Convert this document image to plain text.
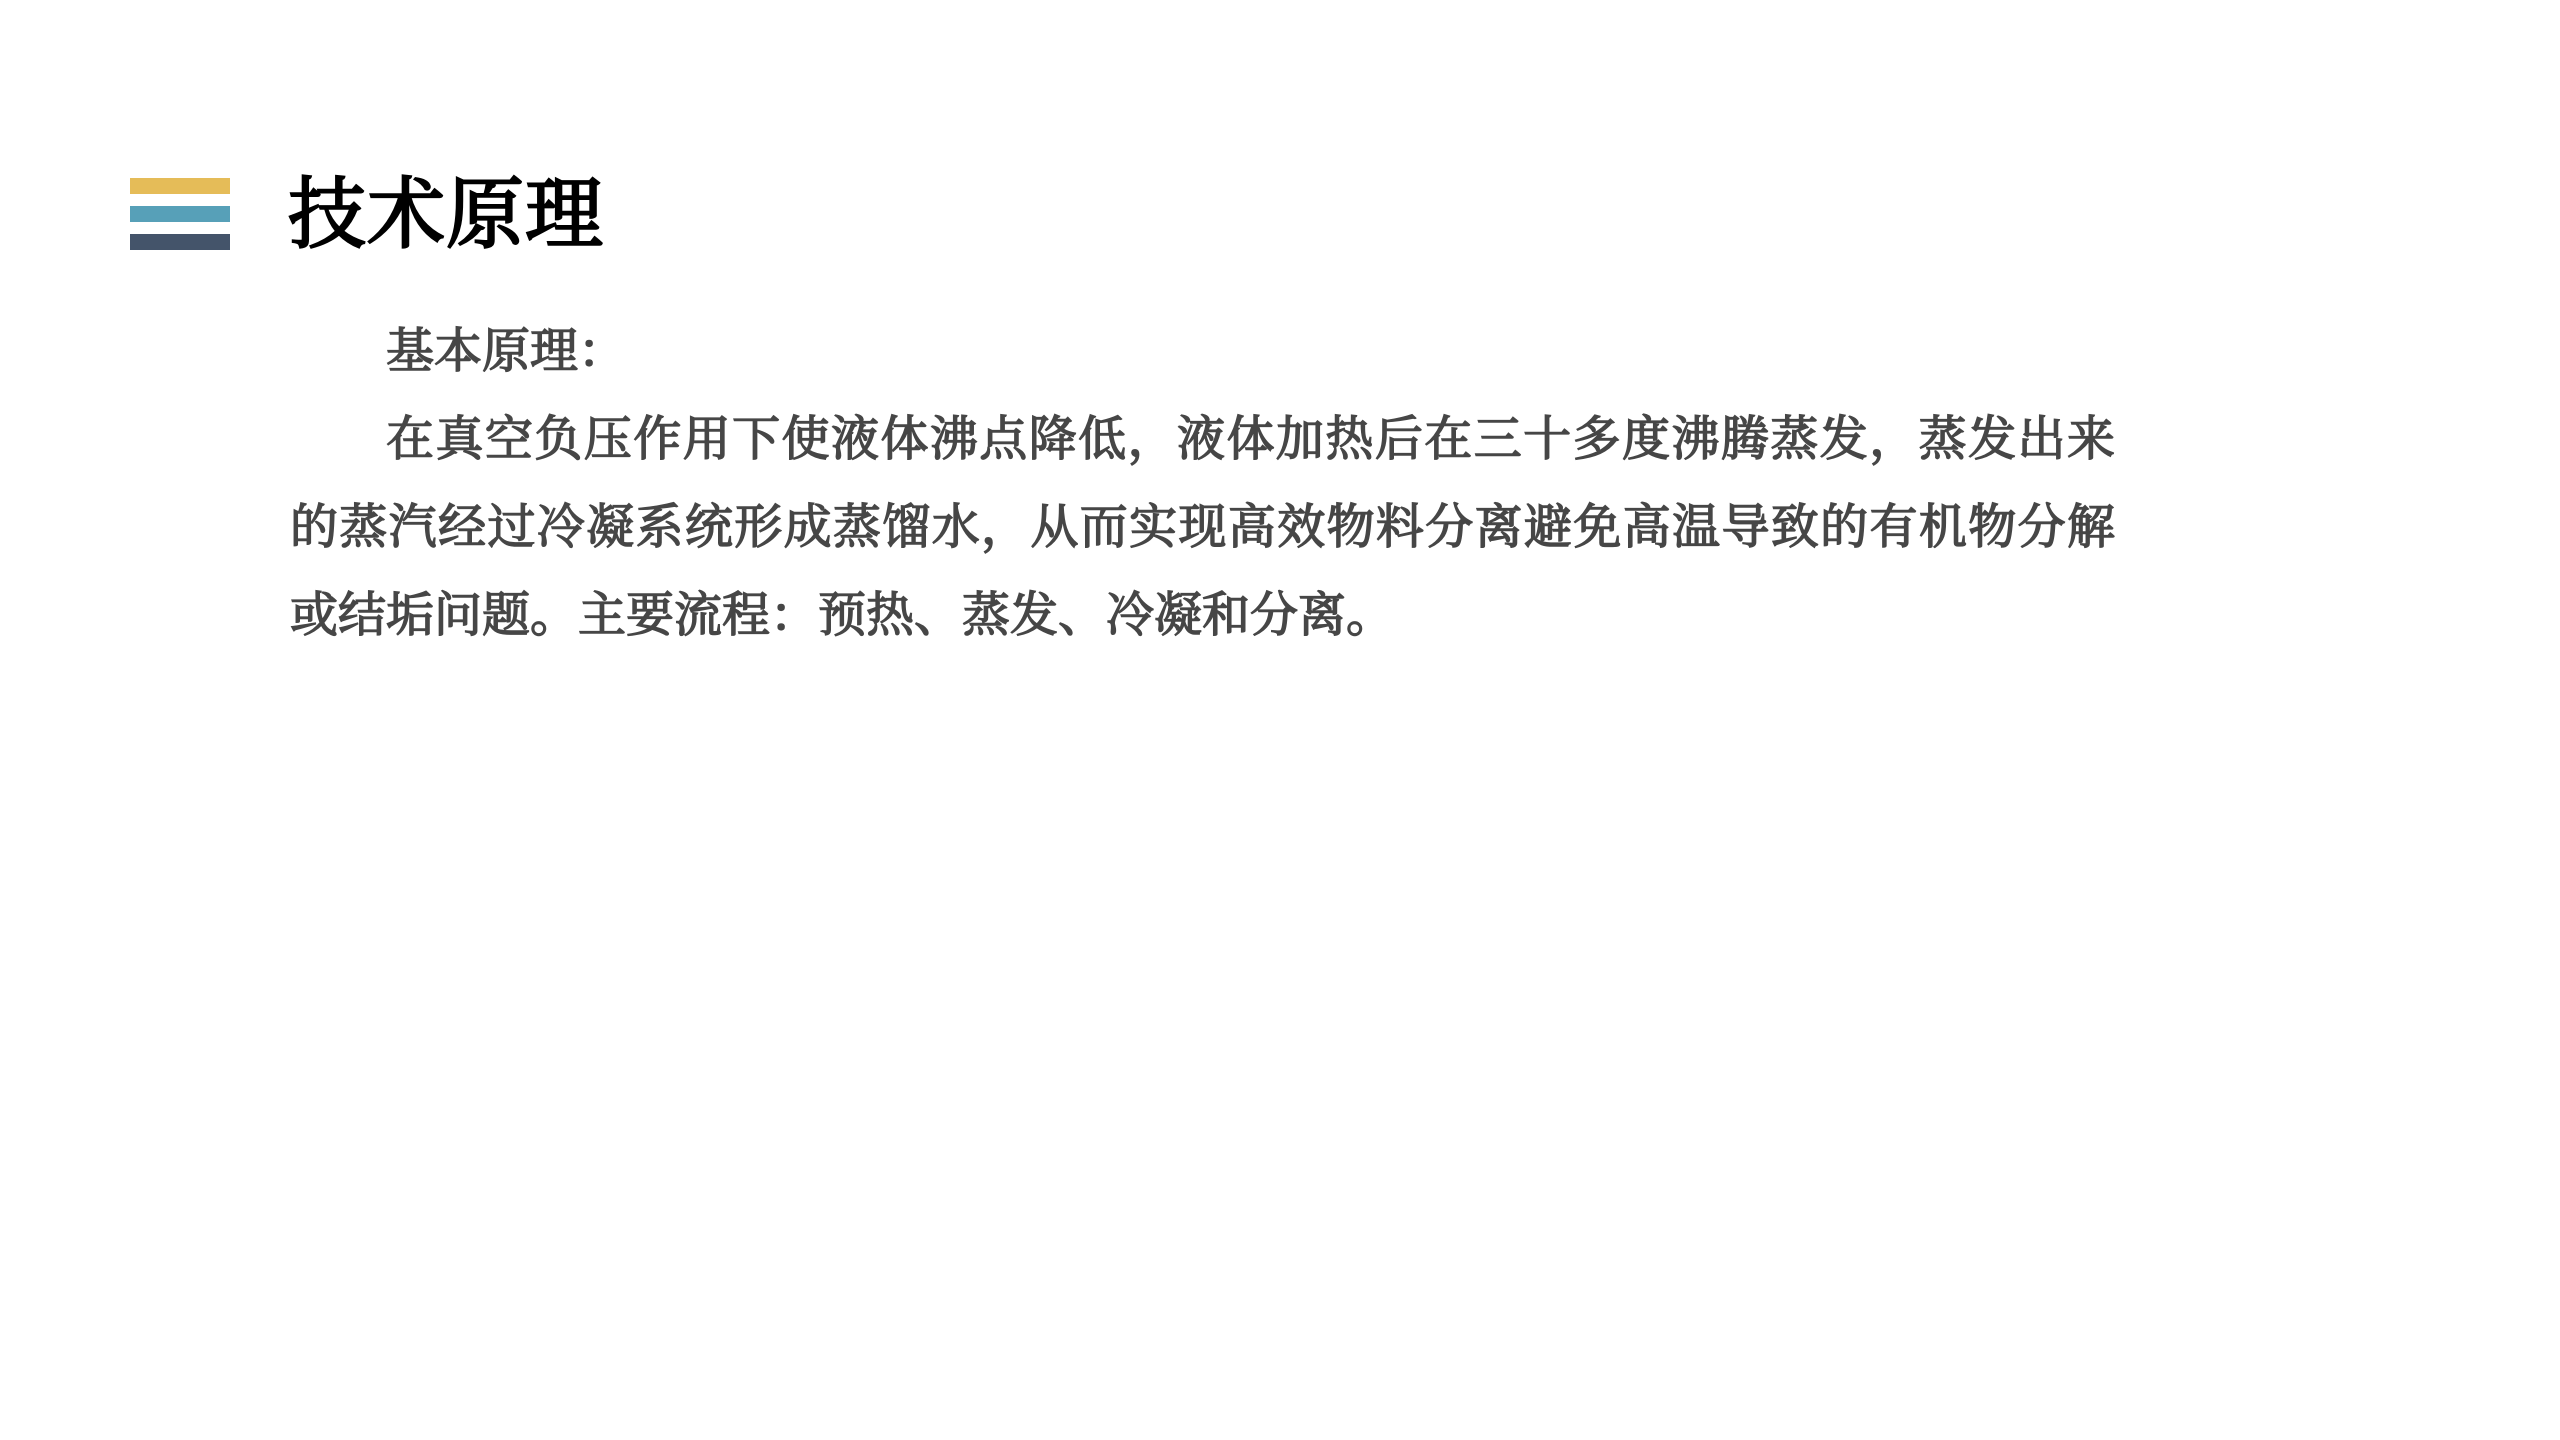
技术原理
基本原理：
在真空负压作用下使液体沸点降低，液体加热后在三十多度沸腾蒸发，蒸发出来
的蒸汽经过冷凝系统形成蒸馏水，从而实现高效物料分离避免高温导致的有机物分解
或结垢问题。主要流程：预热、蒸发、冷凝和分离。
